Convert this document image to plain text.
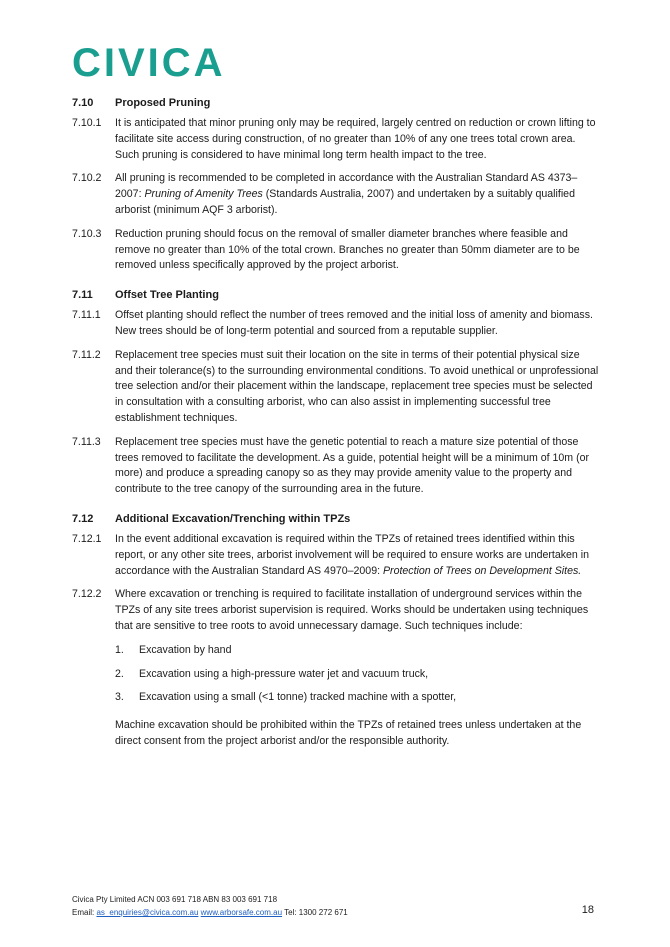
CIVICA
7.10	Proposed Pruning
7.10.1	It is anticipated that minor pruning only may be required, largely centred on reduction or crown lifting to facilitate site access during construction, of no greater than 10% of any one trees total crown area. Such pruning is considered to have minimal long term health impact to the tree.
7.10.2	All pruning is recommended to be completed in accordance with the Australian Standard AS 4373–2007: Pruning of Amenity Trees (Standards Australia, 2007) and undertaken by a suitably qualified arborist (minimum AQF 3 arborist).
7.10.3	Reduction pruning should focus on the removal of smaller diameter branches where feasible and remove no greater than 10% of the total crown. Branches no greater than 50mm diameter are to be removed unless specifically approved by the project arborist.
7.11	Offset Tree Planting
7.11.1	Offset planting should reflect the number of trees removed and the initial loss of amenity and biomass. New trees should be of long-term potential and sourced from a reputable supplier.
7.11.2	Replacement tree species must suit their location on the site in terms of their potential physical size and their tolerance(s) to the surrounding environmental conditions. To avoid unethical or unprofessional tree selection and/or their placement within the landscape, replacement tree species must be selected in consultation with a consulting arborist, who can also assist in implementing successful tree establishment techniques.
7.11.3	Replacement tree species must have the genetic potential to reach a mature size potential of those trees removed to facilitate the development. As a guide, potential height will be a minimum of 10m (or more) and produce a spreading canopy so as they may provide amenity value to the property and contribute to the tree canopy of the surrounding area in the future.
7.12	Additional Excavation/Trenching within TPZs
7.12.1	In the event additional excavation is required within the TPZs of retained trees identified within this report, or any other site trees, arborist involvement will be required to ensure works are undertaken in accordance with the Australian Standard AS 4970–2009: Protection of Trees on Development Sites.
7.12.2	Where excavation or trenching is required to facilitate installation of underground services within the TPZs of any site trees arborist supervision is required. Works should be undertaken using techniques that are sensitive to tree roots to avoid unnecessary damage. Such techniques include:
1.	Excavation by hand
2.	Excavation using a high-pressure water jet and vacuum truck,
3.	Excavation using a small (<1 tonne) tracked machine with a spotter,
Machine excavation should be prohibited within the TPZs of retained trees unless undertaken at the direct consent from the project arborist and/or the responsible authority.
Civica Pty Limited ACN 003 691 718 ABN 83 003 691 718
Email: as_enquiries@civica.com.au www.arborsafe.com.au Tel: 1300 272 671	18
